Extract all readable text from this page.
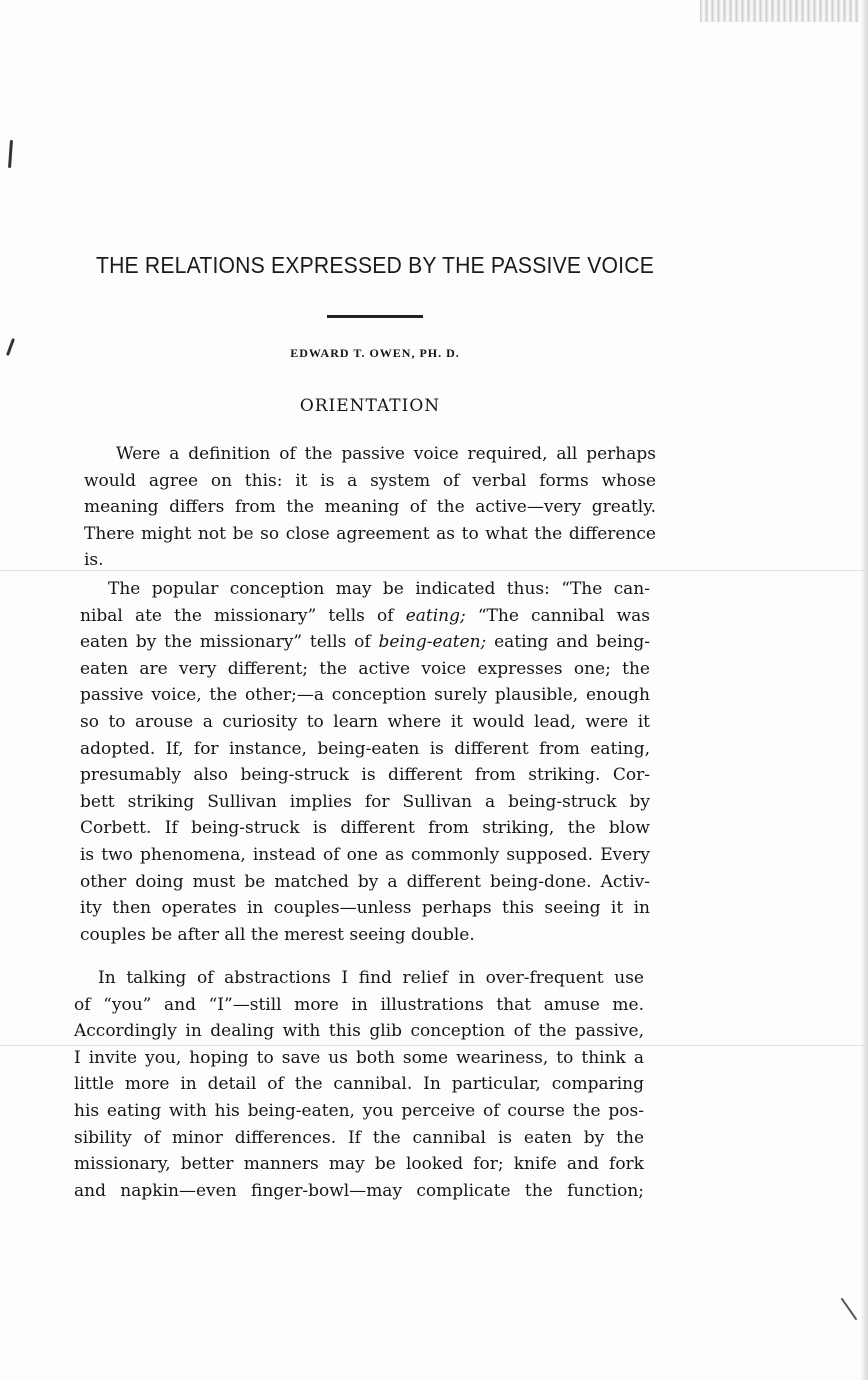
THE RELATIONS EXPRESSED BY THE PASSIVE VOICE
EDWARD T. OWEN, PH. D.
ORIENTATION
Were a definition of the passive voice required, all perhaps
would agree on this: it is a system of verbal forms whose
meaning differs from the meaning of the active—very greatly.
There might not be so close agreement as to what the difference
is.
The popular conception may be indicated thus: “The can-
nibal ate the missionary” tells of eating; “The cannibal was
eaten by the missionary” tells of being-eaten; eating and being-
eaten are very different; the active voice expresses one; the
passive voice, the other;—a conception surely plausible, enough
so to arouse a curiosity to learn where it would lead, were it
adopted. If, for instance, being-eaten is different from eating,
presumably also being-struck is different from striking. Cor-
bett striking Sullivan implies for Sullivan a being-struck by
Corbett. If being-struck is different from striking, the blow
is two phenomena, instead of one as commonly supposed. Every
other doing must be matched by a different being-done. Activ-
ity then operates in couples—unless perhaps this seeing it in
couples be after all the merest seeing double.
In talking of abstractions I find relief in over-frequent use
of “you” and “I”—still more in illustrations that amuse me.
Accordingly in dealing with this glib conception of the passive,
I invite you, hoping to save us both some weariness, to think a
little more in detail of the cannibal. In particular, comparing
his eating with his being-eaten, you perceive of course the pos-
sibility of minor differences. If the cannibal is eaten by the
missionary, better manners may be looked for; knife and fork
and napkin—even finger-bowl—may complicate the function;
